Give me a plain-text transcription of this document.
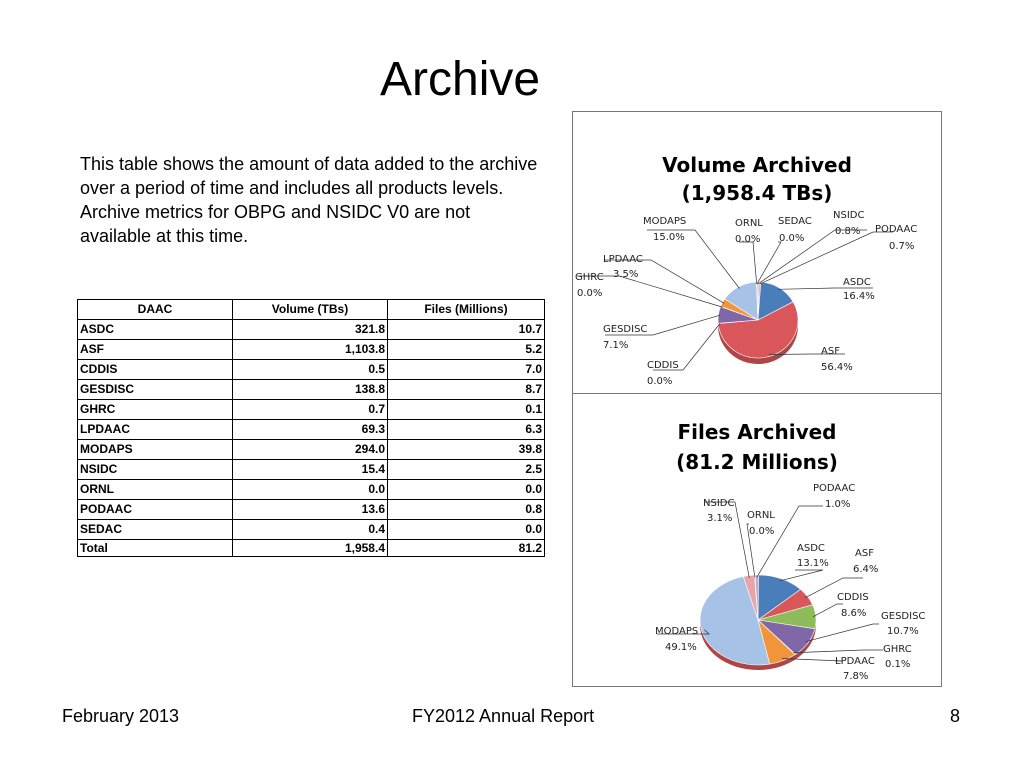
Archive
This table shows the amount of data added to the archive over a period of time and includes all products levels. Archive metrics for OBPG and NSIDC V0 are not available at this time.
DAAC	Volume (TBs)	Files (Millions)
ASDC	321.8	10.7
ASF	1,103.8	5.2
CDDIS	0.5	7.0
GESDISC	138.8	8.7
GHRC	0.7	0.1
LPDAAC	69.3	6.3
MODAPS	294.0	39.8
NSIDC	15.4	2.5
ORNL	0.0	0.0
PODAAC	13.6	0.8
SEDAC	0.4	0.0
Total	1,958.4	81.2
Volume Archived
(1,958.4 TBs)
ASDC
16.4%
ASF
56.4%
CDDIS
0.0%
GESDISC
7.1%
GHRC
0.0%
LPDAAC
3.5%
MODAPS
15.0%
ORNL
0.0%
SEDAC
0.0%
NSIDC
0.8% PODAAC
0.7%
Files Archived
(81.2 Millions)
ASDC
13.1%
ASF
6.4%
CDDIS
8.6% GESDISC
10.7%
GHRC
0.1%
LPDAAC
7.8%
MODAPS
49.1%
NSIDC
3.1% ORNL
0.0%
PODAAC
1.0%
February 2013	FY2012 Annual Report	8
